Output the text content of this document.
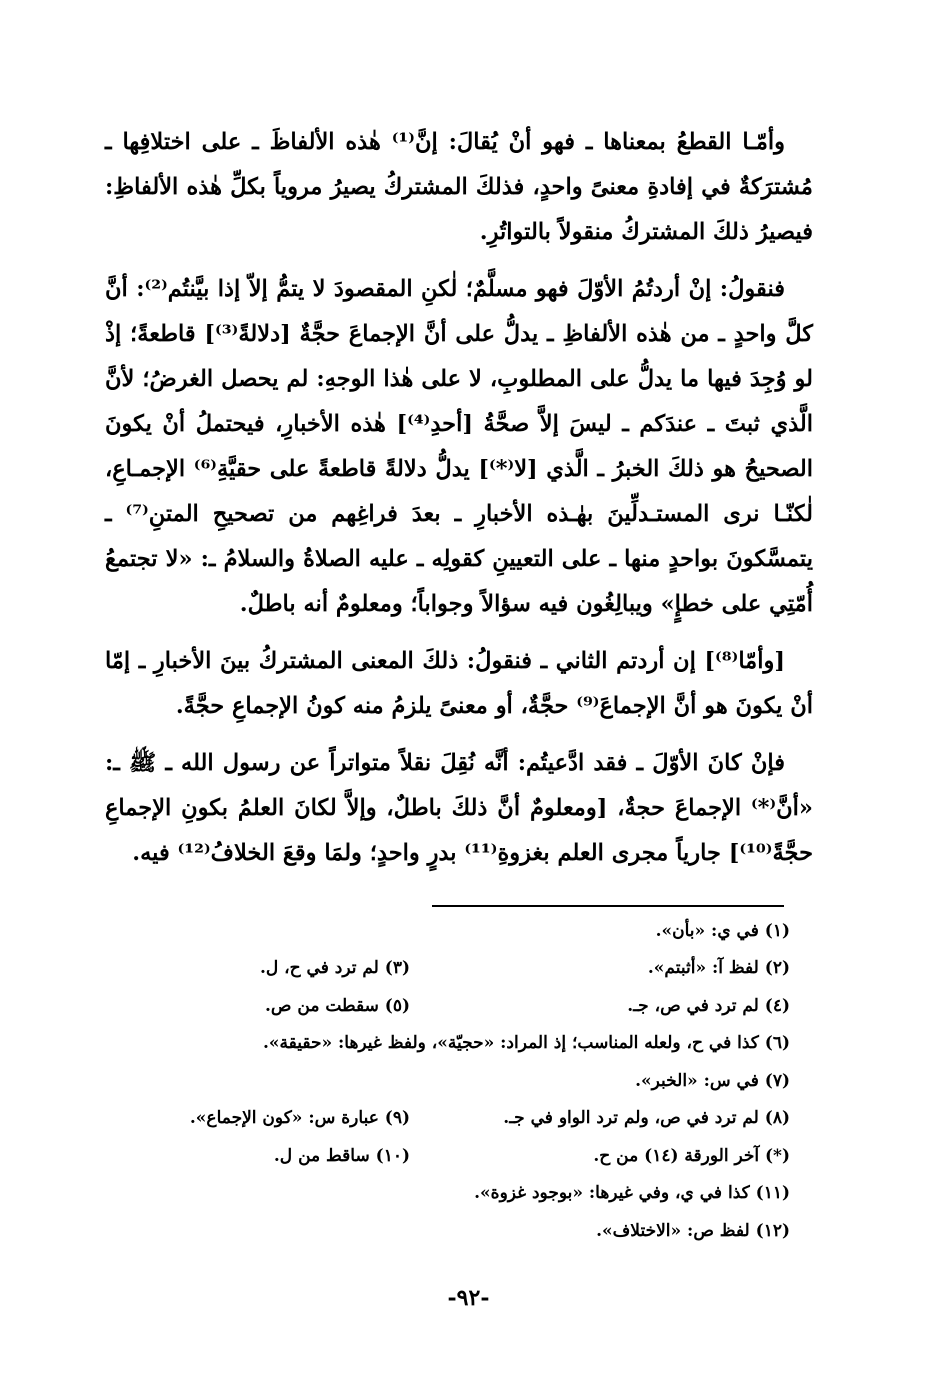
وأمّـا القطعُ بمعناها ـ فهو أنْ يُقالَ: إنَّ⁽¹⁾ هٰذه الألفاظَ ـ على اختلافِها ـ مُشترَكةٌ في إفادةِ معنىً واحدٍ، فذلكَ المشتركُ يصيرُ مروياً بكلِّ هٰذه الألفاظِ: فيصيرُ ذلكَ المشتركُ منقولاً بالتواتُرِ.

فنقولُ: إنْ أردتُمُ الأوّلَ فهو مسلَّمٌ؛ لٰكنِ المقصودَ لا يتمُّ إلاّ إذا بيَّنتُم⁽²⁾: أنَّ كلَّ واحدٍ ـ من هٰذه الألفاظِ ـ يدلُّ على أنَّ الإجماعَ حجَّةٌ [دلالةً⁽³⁾] قاطعةً؛ إذْ لو وُجِدَ فيها ما يدلُّ على المطلوبِ، لا على هٰذا الوجهِ: لم يحصل الغرضُ؛ لأنَّ الَّذي ثبتَ ـ عندَكم ـ ليسَ إلاَّ صحَّةُ [أحدِ⁽⁴⁾] هٰذه الأخبارِ، فيحتملُ أنْ يكونَ الصحيحُ هو ذلكَ الخبرُ ـ الَّذي [لا⁽*⁾] يدلُّ دلالةً قاطعةً على حقيَّةِ⁽⁶⁾ الإجمـاعِ، لٰكنّـا نرى المستـدلِّينَ بهٰـذه الأخبارِ ـ بعدَ فراغِهم من تصحيحِ المتنِ⁽⁷⁾ ـ يتمسَّكونَ بواحدٍ منها ـ على التعيينِ كقولِه ـ عليه الصلاةُ والسلامُ ـ: «لا تجتمعُ أُمّتِي على خطإٍ» ويبالِغُون فيه سؤالاً وجواباً؛ ومعلومٌ أنه باطلٌ.

[وأمّا⁽⁸⁾] إن أردتم الثاني ـ فنقولُ: ذلكَ المعنى المشتركُ بينَ الأخبارِ ـ إمّا أنْ يكونَ هو أنَّ الإجماعَ⁽⁹⁾ حجَّةٌ، أو معنىً يلزمُ منه كونُ الإجماعِ حجَّةً.

فإنْ كانَ الأوّلَ ـ فقد ادَّعيتُم: أنَّه نُقِلَ نقلاً متواتراً عن رسول الله ـ ﷺ ـ: «أنَّ⁽*⁾ الإجماعَ حجةٌ، [ومعلومٌ أنَّ ذلكَ باطلٌ، وإلاَّ لكانَ العلمُ بكونِ الإجماعِ حجَّةً⁽¹⁰⁾] جارياً مجرى العلم بغزوةِ⁽¹¹⁾ بدرٍ واحدٍ؛ ولمَا وقعَ الخلافُ⁽¹²⁾ فيه.

(١) في ي: «بأن».
(٢) لفظ آ: «أثبتم».
(٣) لم ترد في ح، ل.
(٤) لم ترد في ص، جـ.
(٥) سقطت من ص.
(٦) كذا في ح، ولعله المناسب؛ إذ المراد: «حجيّة»، ولفظ غيرها: «حقيقة».
(٧) في س: «الخبر».
(٨) لم ترد في ص، ولم ترد الواو في جـ.
(٩) عبارة س: «كون الإجماع».
(*) آخر الورقة (١٤) من ح.
(١٠) ساقط من ل.
(١١) كذا في ي، وفي غيرها: «بوجود غزوة».
(١٢) لفظ ص: «الاختلاف».
-٩٢-
